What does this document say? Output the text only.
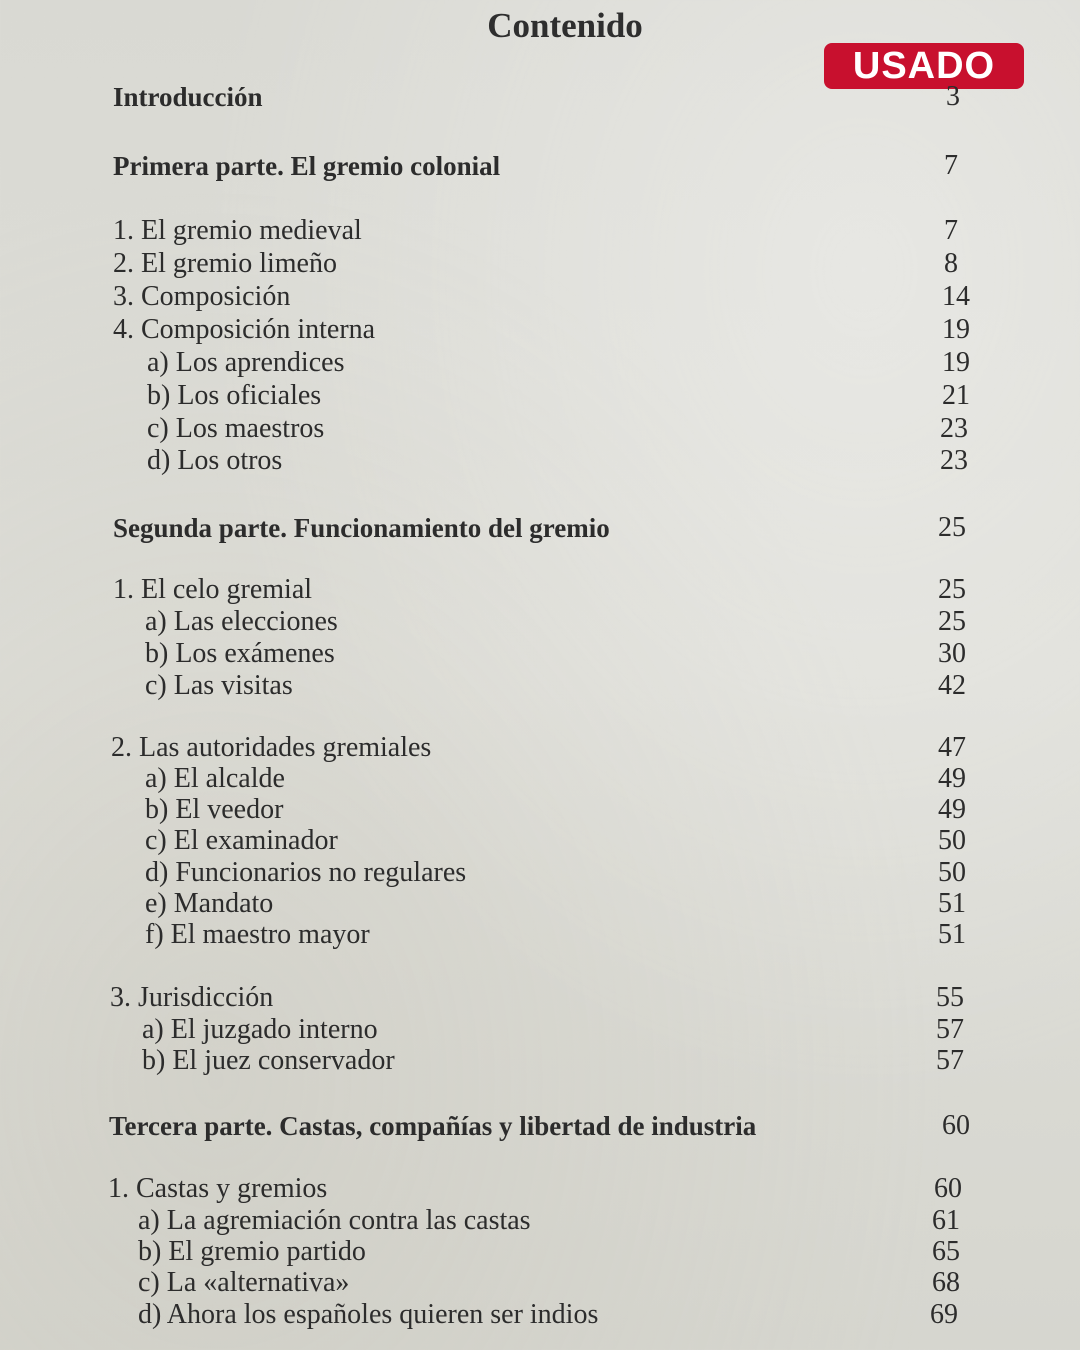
Contenido
USADO
Introducción	3
Primera parte. El gremio colonial	7
1. El gremio medieval	7
2. El gremio limeño	8
3. Composición	14
4. Composición interna	19
a) Los aprendices	19
b) Los oficiales	21
c) Los maestros	23
d) Los otros	23
Segunda parte. Funcionamiento del gremio	25
1. El celo gremial	25
a) Las elecciones	25
b) Los exámenes	30
c) Las visitas	42
2. Las autoridades gremiales	47
a) El alcalde	49
b) El veedor	49
c) El examinador	50
d) Funcionarios no regulares	50
e) Mandato	51
f) El maestro mayor	51
3. Jurisdicción	55
a) El juzgado interno	57
b) El juez conservador	57
Tercera parte. Castas, compañías y libertad de industria	60
1. Castas y gremios	60
a) La agremiación contra las castas	61
b) El gremio partido	65
c) La «alternativa»	68
d) Ahora los españoles quieren ser indios	69
